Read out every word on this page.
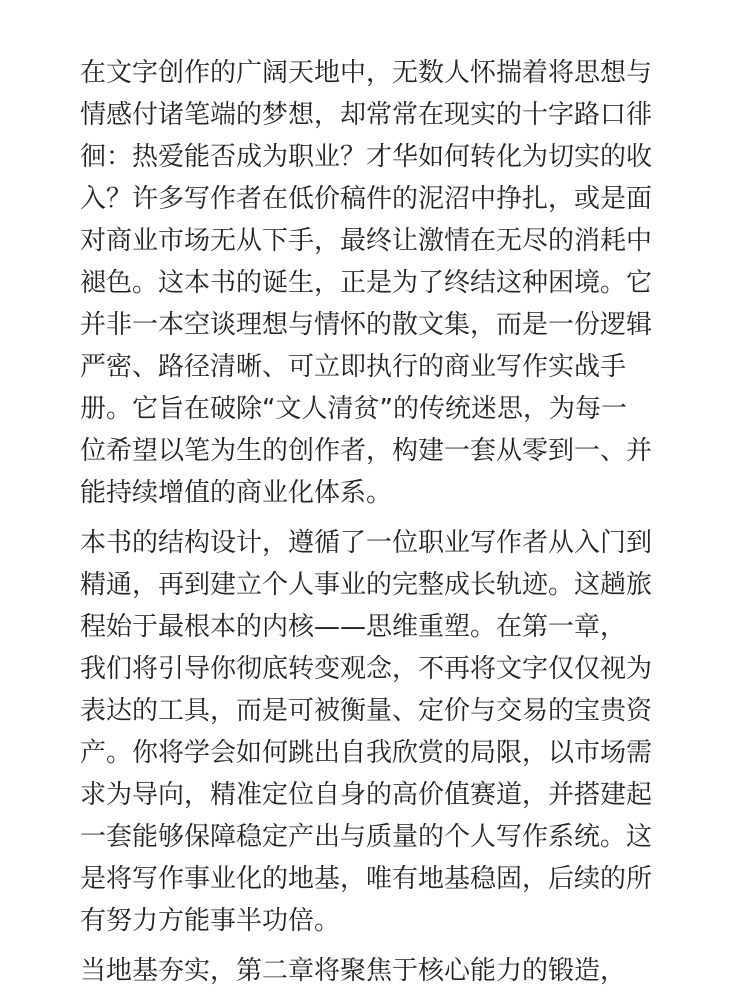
在文字创作的广阔天地中，无数人怀揣着将思想与
情感付诸笔端的梦想，却常常在现实的十字路口徘
徊：热爱能否成为职业？才华如何转化为切实的收
入？许多写作者在低价稿件的泥沼中挣扎，或是面
对商业市场无从下手，最终让激情在无尽的消耗中
褪色。这本书的诞生，正是为了终结这种困境。它
并非一本空谈理想与情怀的散文集，而是一份逻辑
严密、路径清晰、可立即执行的商业写作实战手
册。它旨在破除“文人清贫”的传统迷思，为每一
位希望以笔为生的创作者，构建一套从零到一、并
能持续增值的商业化体系。
本书的结构设计，遵循了一位职业写作者从入门到
精通，再到建立个人事业的完整成长轨迹。这趟旅
程始于最根本的内核——思维重塑。在第一章，
我们将引导你彻底转变观念，不再将文字仅仅视为
表达的工具，而是可被衡量、定价与交易的宝贵资
产。你将学会如何跳出自我欣赏的局限，以市场需
求为导向，精准定位自身的高价值赛道，并搭建起
一套能够保障稳定产出与质量的个人写作系统。这
是将写作事业化的地基，唯有地基稳固，后续的所
有努力方能事半功倍。
当地基夯实，第二章将聚焦于核心能力的锻造，
